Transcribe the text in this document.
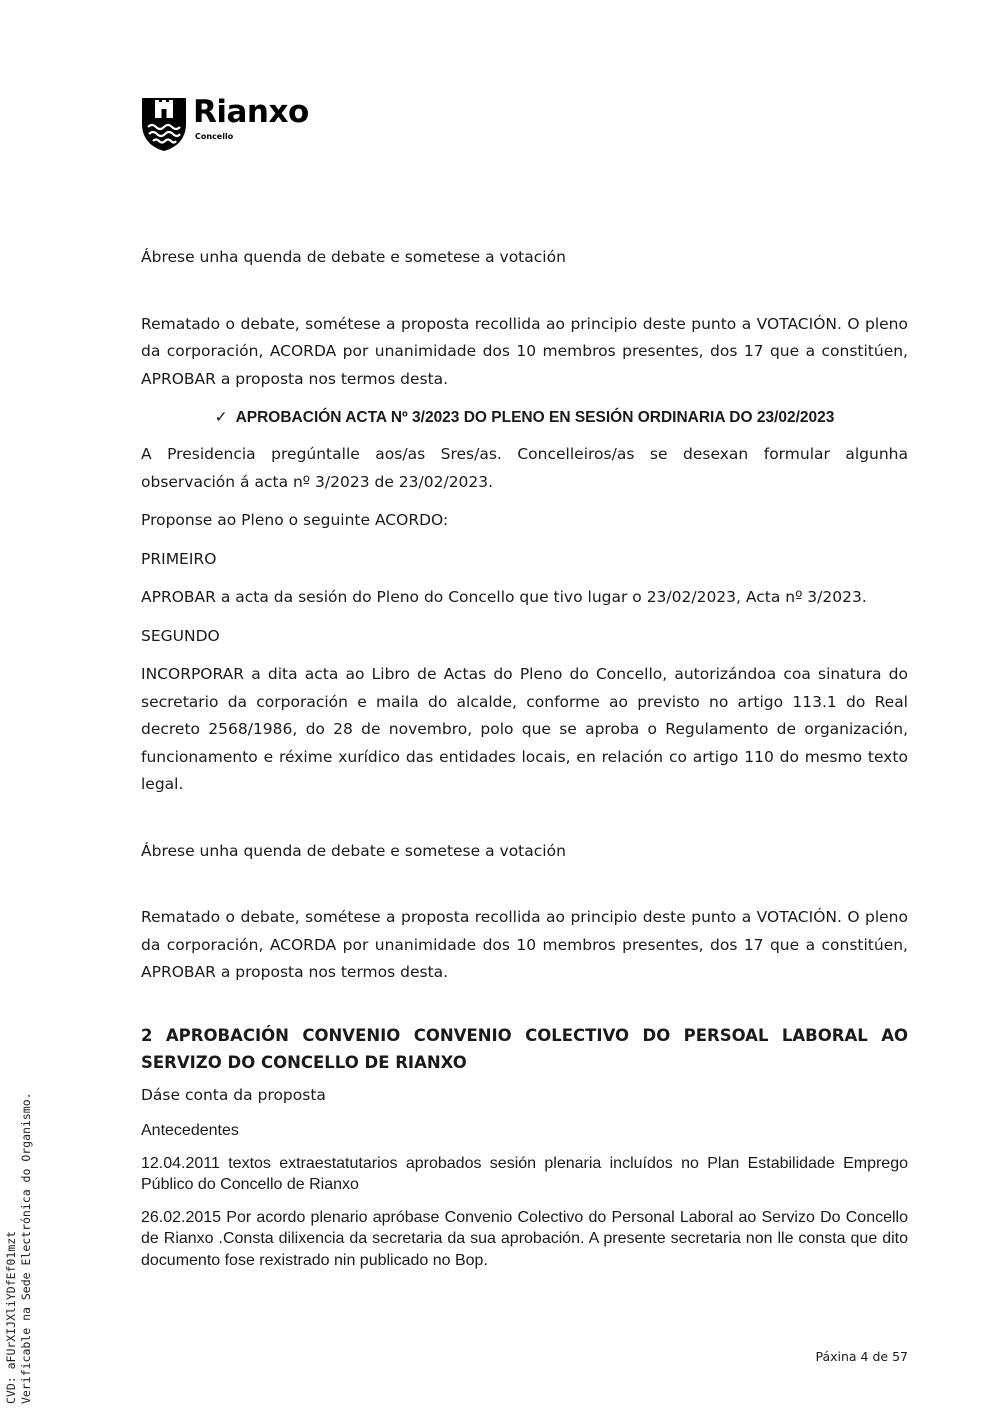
Rianxo
Concello

Ábrese unha quenda de debate e sometese a votación

Rematado o debate, sométese a proposta recollida ao principio deste punto a VOTACIÓN. O pleno da corporación, ACORDA por unanimidade dos 10 membros presentes, dos 17 que a constitúen, APROBAR a proposta nos termos desta.

✓ APROBACIÓN ACTA Nº 3/2023 DO PLENO EN SESIÓN ORDINARIA DO 23/02/2023

A Presidencia pregúntalle aos/as Sres/as. Concelleiros/as se desexan formular algunha observación á acta nº 3/2023 de 23/02/2023.

Proponse ao Pleno o seguinte ACORDO:

PRIMEIRO

APROBAR a acta da sesión do Pleno do Concello que tivo lugar o 23/02/2023, Acta nº 3/2023.

SEGUNDO

INCORPORAR a dita acta ao Libro de Actas do Pleno do Concello, autorizándoa coa sinatura do secretario da corporación e maila do alcalde, conforme ao previsto no artigo 113.1 do Real decreto 2568/1986, do 28 de novembro, polo que se aproba o Regulamento de organización, funcionamento e réxime xurídico das entidades locais, en relación co artigo 110 do mesmo texto legal.

Ábrese unha quenda de debate e sometese a votación

Rematado o debate, sométese a proposta recollida ao principio deste punto a VOTACIÓN. O pleno da corporación, ACORDA por unanimidade dos 10 membros presentes, dos 17 que a constitúen, APROBAR a proposta nos termos desta.

2 APROBACIÓN CONVENIO CONVENIO COLECTIVO DO PERSOAL LABORAL AO SERVIZO DO CONCELLO DE RIANXO

Dáse conta da proposta

Antecedentes

12.04.2011 textos extraestatutarios aprobados sesión plenaria incluídos no Plan Estabilidade Emprego Público do Concello de Rianxo

26.02.2015 Por acordo plenario apróbase Convenio Colectivo do Personal Laboral ao Servizo Do Concello de Rianxo .Consta dilixencia da secretaria da sua aprobación. A presente secretaria non lle consta que dito documento fose rexistrado nin publicado no Bop.

Páxina 4 de 57
CVD: aFUrXIJXliYDfEf01mzt Verificable na Sede Electrónica do Organismo.
